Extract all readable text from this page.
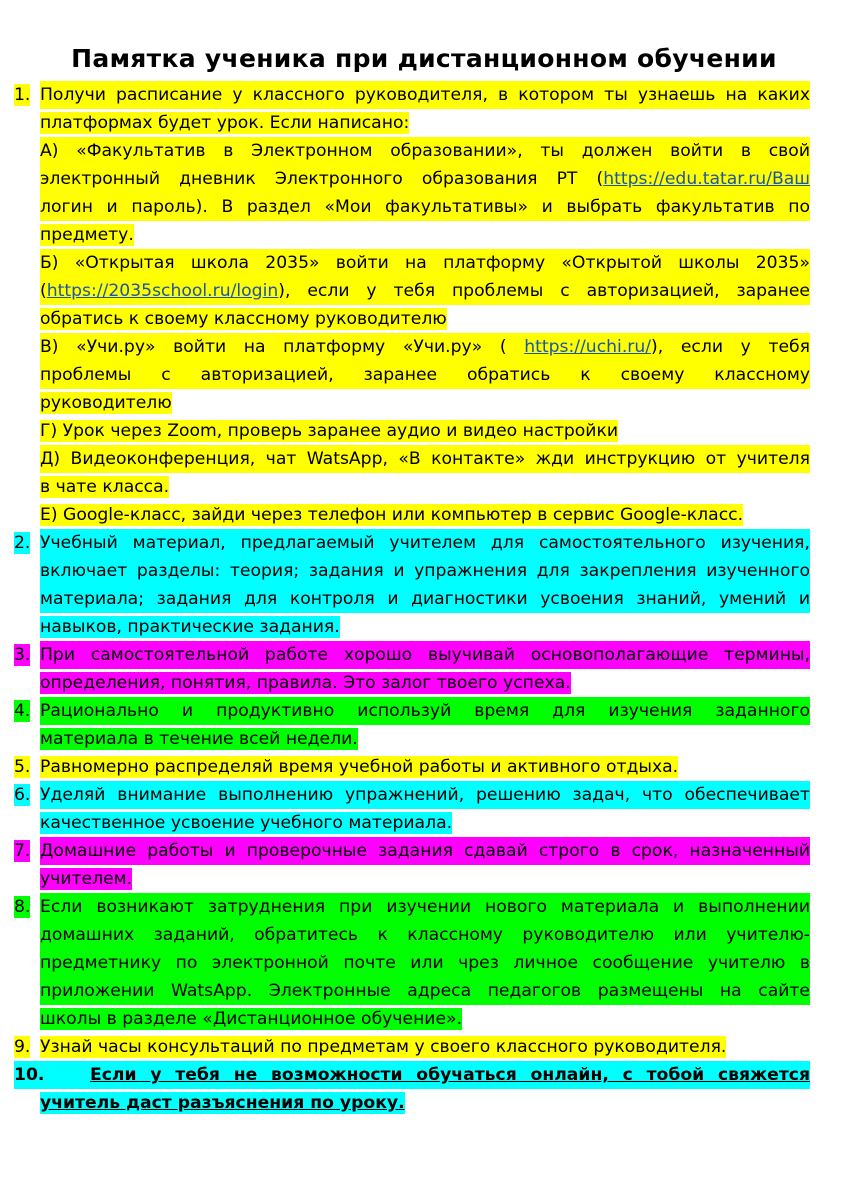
Памятка ученика при дистанционном обучении
1. Получи расписание у классного руководителя, в котором ты узнаешь на каких
платформах будет урок. Если написано:
А) «Факультатив в Электронном образовании», ты должен войти в свой
электронный дневник Электронного образования РТ (https://edu.tatar.ru/Ваш
логин и пароль). В раздел «Мои факультативы» и выбрать факультатив по
предмету.
Б) «Открытая школа 2035» войти на платформу «Открытой школы 2035»
(https://2035school.ru/login), если у тебя проблемы с авторизацией, заранее
обратись к своему классному руководителю
В) «Учи.ру» войти на платформу «Учи.ру» ( https://uchi.ru/), если у тебя
проблемы с авторизацией, заранее обратись к своему классному
руководителю
Г) Урок через Zoom, проверь заранее аудио и видео настройки
Д) Видеоконференция, чат WatsApp, «В контакте» жди инструкцию от учителя
в чате класса.
Е) Google-класс, зайди через телефон или компьютер в сервис Google-класс.
2. Учебный материал, предлагаемый учителем для самостоятельного изучения,
включает разделы: теория; задания и упражнения для закрепления изученного
материала; задания для контроля и диагностики усвоения знаний, умений и
навыков, практические задания.
3. При самостоятельной работе хорошо выучивай основополагающие термины,
определения, понятия, правила. Это залог твоего успеха.
4. Рационально и продуктивно используй время для изучения заданного
материала в течение всей недели.
5. Равномерно распределяй время учебной работы и активного отдыха.
6. Уделяй внимание выполнению упражнений, решению задач, что обеспечивает
качественное усвоение учебного материала.
7. Домашние работы и проверочные задания сдавай строго в срок, назначенный
учителем.
8. Если возникают затруднения при изучении нового материала и выполнении
домашних заданий, обратитесь к классному руководителю или учителю-
предметнику по электронной почте или чрез личное сообщение учителю в
приложении WatsApp. Электронные адреса педагогов размещены на сайте
школы в разделе «Дистанционное обучение».
9. Узнай часы консультаций по предметам у своего классного руководителя.
10.	Если у тебя не возможности обучаться онлайн, с тобой свяжется
учитель даст разъяснения по уроку.
